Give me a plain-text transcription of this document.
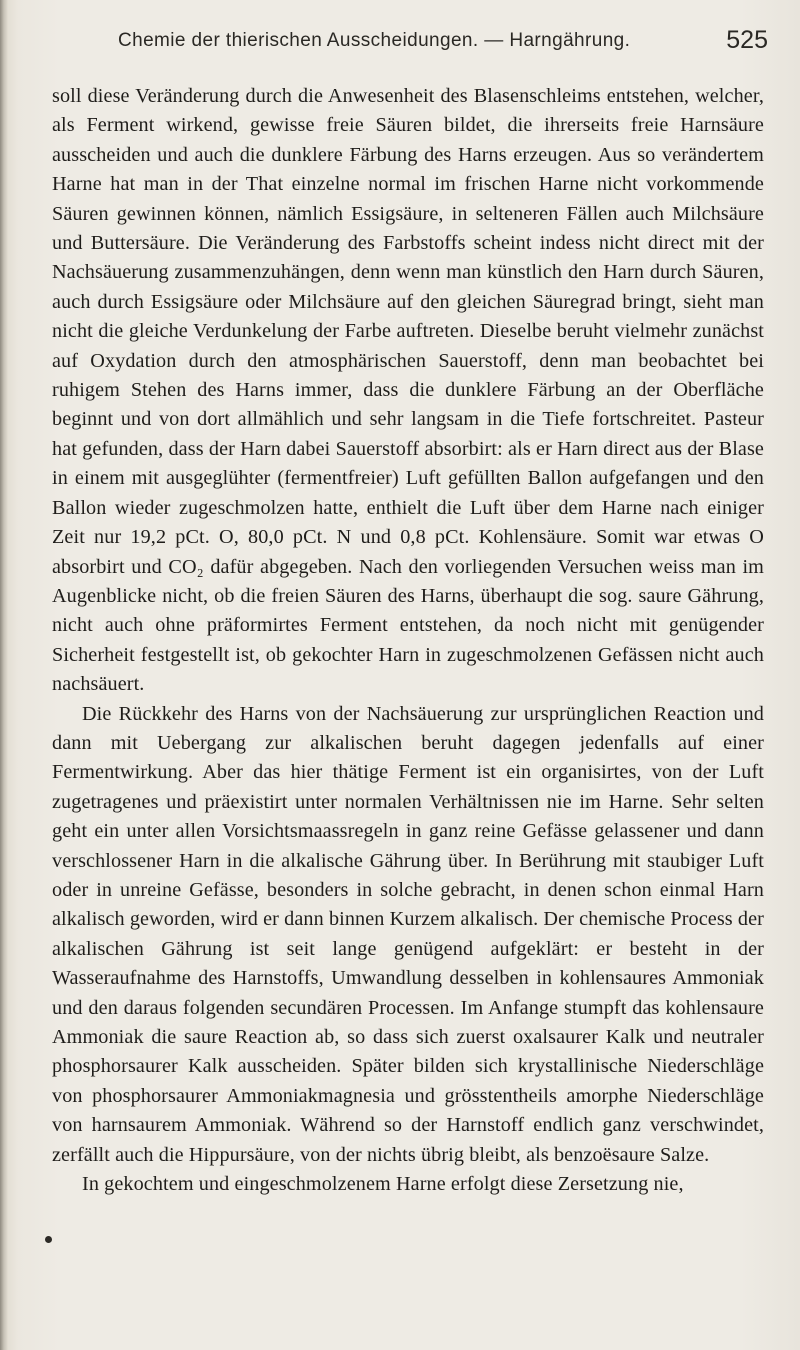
Chemie der thierischen Ausscheidungen. — Harngährung.	525

soll diese Veränderung durch die Anwesenheit des Blasenschleims entstehen, welcher, als Ferment wirkend, gewisse freie Säuren bildet, die ihrerseits freie Harnsäure ausscheiden und auch die dunklere Färbung des Harns erzeugen. Aus so verändertem Harne hat man in der That einzelne normal im frischen Harne nicht vorkommende Säuren gewinnen können, nämlich Essigsäure, in selteneren Fällen auch Milchsäure und Buttersäure. Die Veränderung des Farbstoffs scheint indess nicht direct mit der Nachsäuerung zusammenzuhängen, denn wenn man künstlich den Harn durch Säuren, auch durch Essigsäure oder Milchsäure auf den gleichen Säuregrad bringt, sieht man nicht die gleiche Verdunkelung der Farbe auftreten. Dieselbe beruht vielmehr zunächst auf Oxydation durch den atmosphärischen Sauerstoff, denn man beobachtet bei ruhigem Stehen des Harns immer, dass die dunklere Färbung an der Oberfläche beginnt und von dort allmählich und sehr langsam in die Tiefe fortschreitet. Pasteur hat gefunden, dass der Harn dabei Sauerstoff absorbirt: als er Harn direct aus der Blase in einem mit ausgeglühter (fermentfreier) Luft gefüllten Ballon aufgefangen und den Ballon wieder zugeschmolzen hatte, enthielt die Luft über dem Harne nach einiger Zeit nur 19,2 pCt. O, 80,0 pCt. N und 0,8 pCt. Kohlensäure. Somit war etwas O absorbirt und CO₂ dafür abgegeben. Nach den vorliegenden Versuchen weiss man im Augenblicke nicht, ob die freien Säuren des Harns, überhaupt die sog. saure Gährung, nicht auch ohne präformirtes Ferment entstehen, da noch nicht mit genügender Sicherheit festgestellt ist, ob gekochter Harn in zugeschmolzenen Gefässen nicht auch nachsäuert.

Die Rückkehr des Harns von der Nachsäuerung zur ursprünglichen Reaction und dann mit Uebergang zur alkalischen beruht dagegen jedenfalls auf einer Fermentwirkung. Aber das hier thätige Ferment ist ein organisirtes, von der Luft zugetragenes und präexistirt unter normalen Verhältnissen nie im Harne. Sehr selten geht ein unter allen Vorsichtsmaassregeln in ganz reine Gefässe gelassener und dann verschlossener Harn in die alkalische Gährung über. In Berührung mit staubiger Luft oder in unreine Gefässe, besonders in solche gebracht, in denen schon einmal Harn alkalisch geworden, wird er dann binnen Kurzem alkalisch. Der chemische Process der alkalischen Gährung ist seit lange genügend aufgeklärt: er besteht in der Wasseraufnahme des Harnstoffs, Umwandlung desselben in kohlensaures Ammoniak und den daraus folgenden secundären Processen. Im Anfange stumpft das kohlensaure Ammoniak die saure Reaction ab, so dass sich zuerst oxalsaurer Kalk und neutraler phosphorsaurer Kalk ausscheiden. Später bilden sich krystallinische Niederschläge von phosphorsaurer Ammoniakmagnesia und grösstentheils amorphe Niederschläge von harnsaurem Ammoniak. Während so der Harnstoff endlich ganz verschwindet, zerfällt auch die Hippursäure, von der nichts übrig bleibt, als benzoësaure Salze.

In gekochtem und eingeschmolzenem Harne erfolgt diese Zersetzung nie,
